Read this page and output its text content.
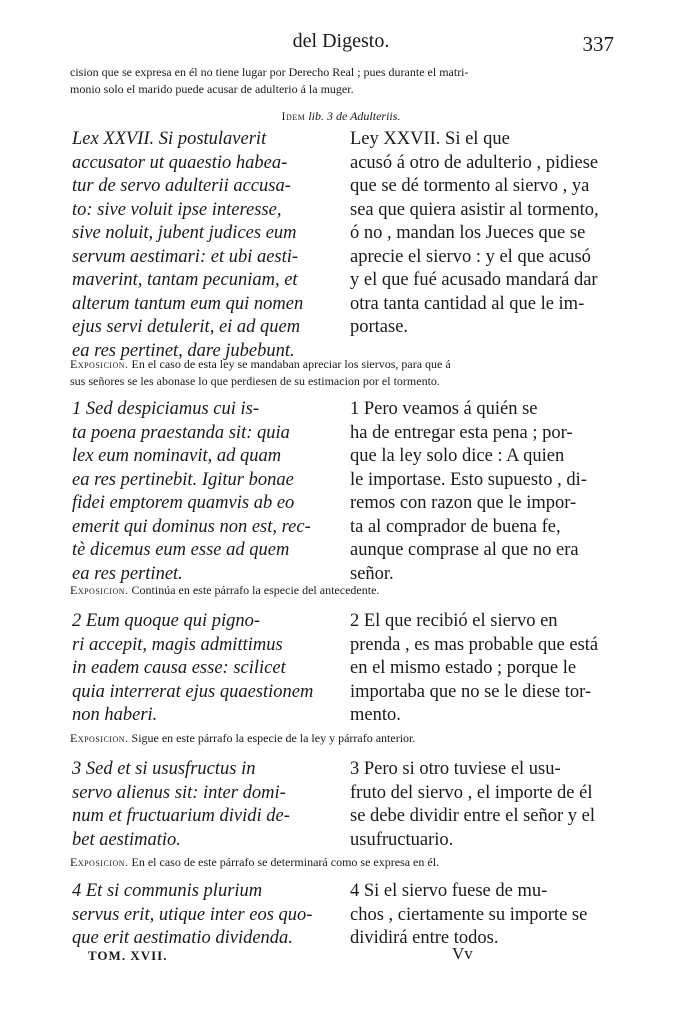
del Digesto.	337
cision que se expresa en él no tiene lugar por Derecho Real ; pues durante el matri-
monio solo el marido puede acusar de adulterio á la muger.
Idem lib. 3 de Adulteriis.
Lex XXVII. Si postulaverit
accusator ut quaestio habea-
tur de servo adulterii accusa-
to: sive voluit ipse interesse,
sive noluit, jubent judices eum
servum aestimari: et ubi aesti-
maverint, tantam pecuniam, et
alterum tantum eum qui nomen
ejus servi detulerit, ei ad quem
ea res pertinet, dare jubebunt.
Ley XXVII. Si el que
acusó á otro de adulterio , pidiese
que se dé tormento al siervo , ya
sea que quiera asistir al tormento,
ó no , mandan los Jueces que se
aprecie el siervo : y el que acusó
y el que fué acusado mandará dar
otra tanta cantidad al que le im-
portase.
Exposicion. En el caso de esta ley se mandaban apreciar los siervos, para que á
sus señores se les abonase lo que perdiesen de su estimacion por el tormento.
1 Sed despiciamus cui is-
ta poena praestanda sit: quia
lex eum nominavit, ad quam
ea res pertinebit. Igitur bonae
fidei emptorem quamvis ab eo
emerit qui dominus non est, rec-
tè dicemus eum esse ad quem
ea res pertinet.
1 Pero veamos á quién se
ha de entregar esta pena ; por-
que la ley solo dice : A quien
le importase. Esto supuesto , di-
remos con razon que le impor-
ta al comprador de buena fe,
aunque comprase al que no era
señor.
Exposicion. Continúa en este párrafo la especie del antecedente.
2 Eum quoque qui pigno-
ri accepit, magis admittimus
in eadem causa esse: scilicet
quia interrerat ejus quaestionem
non haberi.
2 El que recibió el siervo en
prenda , es mas probable que está
en el mismo estado ; porque le
importaba que no se le diese tor-
mento.
Exposicion. Sigue en este párrafo la especie de la ley y párrafo anterior.
3 Sed et si ususfructus in
servo alienus sit: inter domi-
num et fructuarium dividi de-
bet aestimatio.
3 Pero si otro tuviese el usu-
fruto del siervo , el importe de él
se debe dividir entre el señor y el
usufructuario.
Exposicion. En el caso de este párrafo se determinará como se expresa en él.
4 Et si communis plurium
servus erit, utique inter eos quo-
que erit aestimatio dividenda.
4 Si el siervo fuese de mu-
chos , ciertamente su importe se
dividirá entre todos.
TOM. XVII.	Vv
